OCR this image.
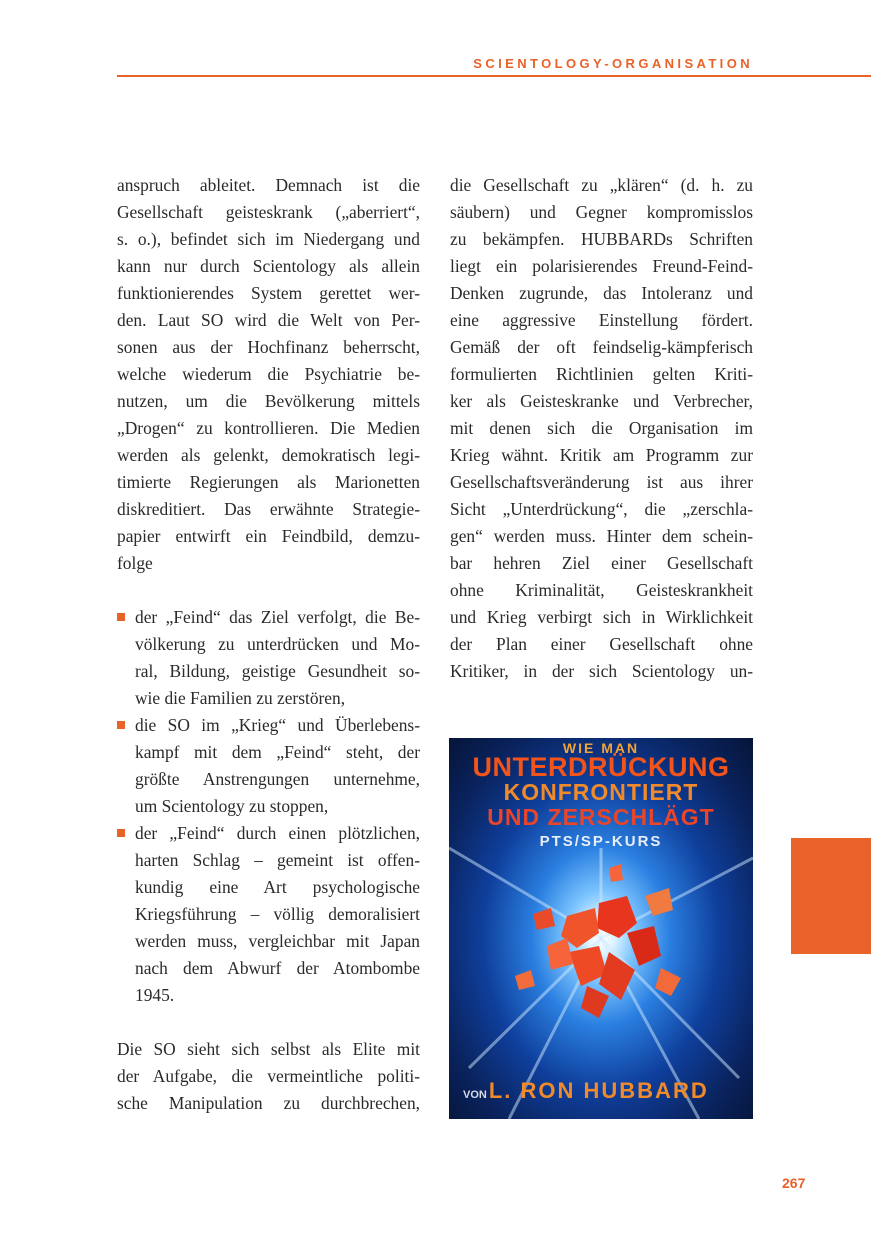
SCIENTOLOGY-ORGANISATION
anspruch ableitet. Demnach ist die
Gesellschaft geisteskrank („aberriert“,
s. o.), befindet sich im Niedergang und
kann nur durch Scientology als allein
funktionierendes System gerettet wer-
den. Laut SO wird die Welt von Per-
sonen aus der Hochfinanz beherrscht,
welche wiederum die Psychiatrie be-
nutzen, um die Bevölkerung mittels
„Drogen“ zu kontrollieren. Die Medien
werden als gelenkt, demokratisch legi-
timierte Regierungen als Marionetten
diskreditiert. Das erwähnte Strategie-
papier entwirft ein Feindbild, demzu-
folge
der „Feind“ das Ziel verfolgt, die Be-
völkerung zu unterdrücken und Mo-
ral, Bildung, geistige Gesundheit so-
wie die Familien zu zerstören,
die SO im „Krieg“ und Überlebens-
kampf mit dem „Feind“ steht, der
größte Anstrengungen unternehme,
um Scientology zu stoppen,
der „Feind“ durch einen plötzlichen,
harten Schlag – gemeint ist offen-
kundig eine Art psychologische
Kriegsführung – völlig demoralisiert
werden muss, vergleichbar mit Japan
nach dem Abwurf der Atombombe
1945.
Die SO sieht sich selbst als Elite mit
der Aufgabe, die vermeintliche politi-
sche Manipulation zu durchbrechen,
die Gesellschaft zu „klären“ (d. h. zu
säubern) und Gegner kompromisslos
zu bekämpfen. HUBBARDs Schriften
liegt ein polarisierendes Freund-Feind-
Denken zugrunde, das Intoleranz und
eine aggressive Einstellung fördert.
Gemäß der oft feindselig-kämpferisch
formulierten Richtlinien gelten Kriti-
ker als Geisteskranke und Verbrecher,
mit denen sich die Organisation im
Krieg wähnt. Kritik am Programm zur
Gesellschaftsveränderung ist aus ihrer
Sicht „Unterdrückung“, die „zerschla-
gen“ werden muss. Hinter dem schein-
bar hehren Ziel einer Gesellschaft
ohne Kriminalität, Geisteskrankheit
und Krieg verbirgt sich in Wirklichkeit
der Plan einer Gesellschaft ohne
Kritiker, in der sich Scientology un-
WIE MAN
UNTERDRÜCKUNG
KONFRONTIERT
UND ZERSCHLÄGT
PTS/SP-KURS
VONL. RON HUBBARD
267
